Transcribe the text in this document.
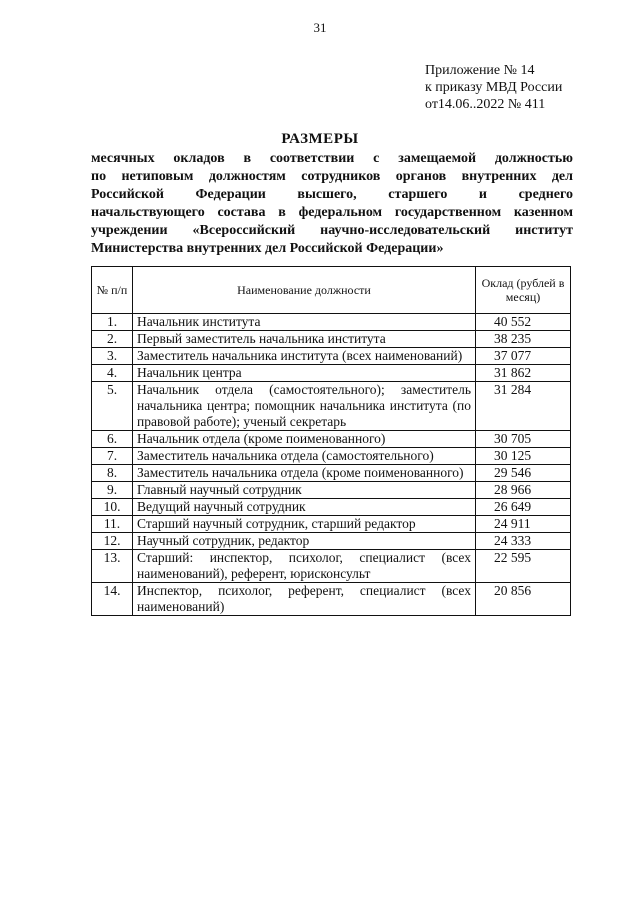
31
Приложение № 14
к приказу МВД России
от14.06..2022 № 411
РАЗМЕРЫ
месячных окладов в соответствии с замещаемой должностью
по нетиповым должностям сотрудников органов внутренних дел
Российской Федерации высшего, старшего и среднего
начальствующего состава в федеральном государственном казенном
учреждении «Всероссийский научно-исследовательский институт
Министерства внутренних дел Российской Федерации»
№ п/п	Наименование должности	Оклад (рублей в месяц)
1.	Начальник института	40 552
2.	Первый заместитель начальника института	38 235
3.	Заместитель начальника института (всех наименований)	37 077
4.	Начальник центра	31 862
5.	Начальник отдела (самостоятельного); заместитель начальника центра; помощник начальника института (по правовой работе); ученый секретарь	31 284
6.	Начальник отдела (кроме поименованного)	30 705
7.	Заместитель начальника отдела (самостоятельного)	30 125
8.	Заместитель начальника отдела (кроме поименованного)	29 546
9.	Главный научный сотрудник	28 966
10.	Ведущий научный сотрудник	26 649
11.	Старший научный сотрудник, старший редактор	24 911
12.	Научный сотрудник, редактор	24 333
13.	Старший: инспектор, психолог, специалист (всех наименований), референт, юрисконсульт	22 595
14.	Инспектор, психолог, референт, специалист (всех наименований)	20 856
